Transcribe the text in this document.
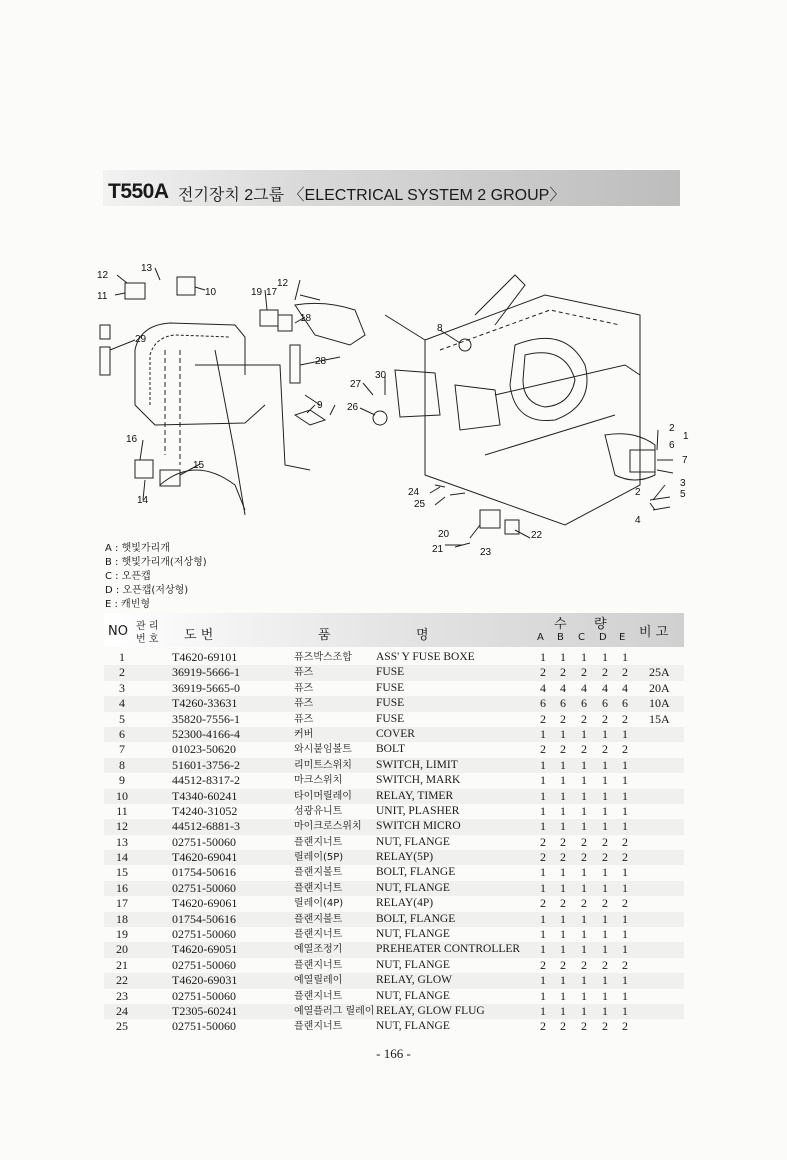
T550A 전기장치 2그룹 〈ELECTRICAL SYSTEM 2 GROUP〉
12
13
11	10
29
19 17
12
18
28
9
16
15
14
30
27
26
8
2
1
6
7
3
5
2
4
24
25
20	22
21	23
A : 햇빛가리개
B : 햇빛가리개(저상형)
C : 오픈캡
D : 오픈캡(저상형)
E : 캐빈형
NO 관 리
번 호 도 번	품	명
수 량
A B C D E 비 고
1	T4620-69101	퓨즈박스조합 ASS' Y FUSE BOXE	1	1	1	1	1
2	36919-5666-1	퓨즈	FUSE	2	2	2	2	2	25A
3	36919-5665-0	퓨즈	FUSE	4	4	4	4	4	20A
4	T4260-33631	퓨즈	FUSE	6	6	6	6	6	10A
5	35820-7556-1	퓨즈	FUSE	2	2	2	2	2	15A
6	52300-4166-4	커버	COVER	1	1	1	1	1
7	01023-50620	와시붙임볼트 BOLT	2	2	2	2	2
8	51601-3756-2	리미트스위치 SWITCH, LIMIT	1	1	1	1	1
9	44512-8317-2	마크스위치	SWITCH, MARK	1	1	1	1	1
10	T4340-60241	타이머릴레이 RELAY, TIMER	1	1	1	1	1
11	T4240-31052	섬광유니트	UNIT, PLASHER	1	1	1	1	1
12	44512-6881-3	마이크로스위치 SWITCH MICRO	1	1	1	1	1
13	02751-50060	플랜지너트	NUT, FLANGE	2	2	2	2	2
14	T4620-69041	릴레이(5P)	RELAY(5P)	2	2	2	2	2
15	01754-50616	플랜지볼트	BOLT, FLANGE	1	1	1	1	1
16	02751-50060	플랜지너트	NUT, FLANGE	1	1	1	1	1
17	T4620-69061	릴레이(4P)	RELAY(4P)	2	2	2	2	2
18	01754-50616	플랜지볼트	BOLT, FLANGE	1	1	1	1	1
19	02751-50060	플랜지너트	NUT, FLANGE	1	1	1	1	1
20	T4620-69051	예열조정기	PREHEATER CONTROLLER	1	1	1	1	1
21	02751-50060	플랜지너트	NUT, FLANGE	2	2	2	2	2
22	T4620-69031	예열릴레이	RELAY, GLOW	1	1	1	1	1
23	02751-50060	플랜지너트	NUT, FLANGE	1	1	1	1	1
24	T2305-60241	예열플러그 릴레이 RELAY, GLOW FLUG	1	1	1	1	1
25	02751-50060	플랜지너트	NUT, FLANGE	2	2	2	2	2
- 166 -
